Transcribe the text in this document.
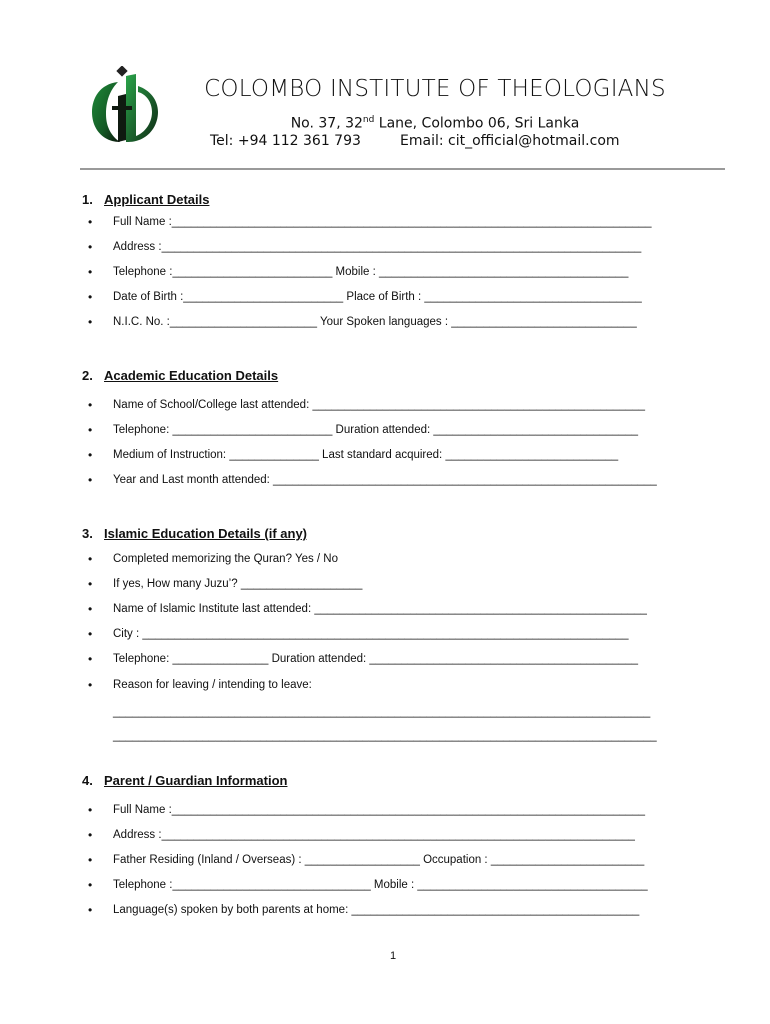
COLOMBO INSTITUTE OF THEOLOGIANS
No. 37, 32nd Lane, Colombo 06, Sri Lanka
Tel: +94 112 361 793	Email: cit_official@hotmail.com
1. Applicant Details
• Full Name :___________________________________________________________________________
• Address :___________________________________________________________________________
• Telephone :_________________________ Mobile : _______________________________________
• Date of Birth :_________________________ Place of Birth : __________________________________
• N.I.C. No. :_______________________ Your Spoken languages : _____________________________
2. Academic Education Details
• Name of School/College last attended: ____________________________________________________
• Telephone: _________________________ Duration attended: ________________________________
• Medium of Instruction: ______________ Last standard acquired: ___________________________
• Year and Last month attended: ____________________________________________________________
3. Islamic Education Details (if any)
• Completed memorizing the Quran? Yes / No
• If yes, How many Juzu’? ___________________
• Name of Islamic Institute last attended: ____________________________________________________
• City : ____________________________________________________________________________
• Telephone: _______________ Duration attended: __________________________________________
• Reason for leaving / intending to leave:
____________________________________________________________________________________
_____________________________________________________________________________________
4. Parent / Guardian Information
• Full Name :__________________________________________________________________________
• Address :__________________________________________________________________________
• Father Residing (Inland / Overseas) : __________________ Occupation : ________________________
• Telephone :_______________________________ Mobile : ____________________________________
• Language(s) spoken by both parents at home: _____________________________________________
1
